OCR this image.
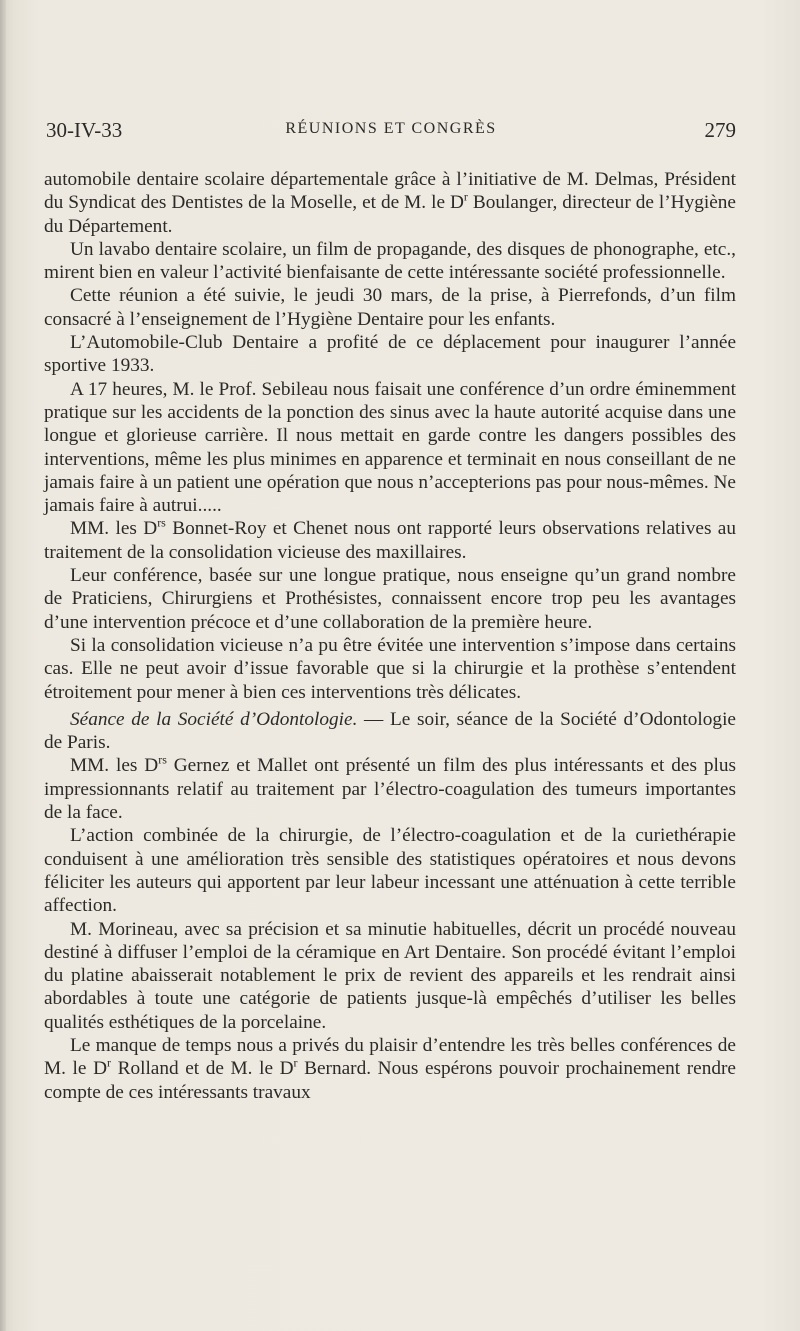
30-IV-33	RÉUNIONS ET CONGRÈS	279

automobile dentaire scolaire départementale grâce à l’initiative de M. Delmas, Président du Syndicat des Dentistes de la Moselle, et de M. le $D^r$ Boulanger, directeur de l’Hygiène du Département.

Un lavabo dentaire scolaire, un film de propagande, des disques de phonographe, etc., mirent bien en valeur l’activité bienfaisante de cette intéressante société professionnelle.

Cette réunion a été suivie, le jeudi 30 mars, de la prise, à Pierrefonds, d’un film consacré à l’enseignement de l’Hygiène Dentaire pour les enfants.

L’Automobile-Club Dentaire a profité de ce déplacement pour inaugurer l’année sportive 1933.

A 17 heures, M. le Prof. Sebileau nous faisait une conférence d’un ordre éminemment pratique sur les accidents de la ponction des sinus avec la haute autorité acquise dans une longue et glorieuse carrière. Il nous mettait en garde contre les dangers possibles des interventions, même les plus minimes en apparence et terminait en nous conseillant de ne jamais faire à un patient une opération que nous n’accepterions pas pour nous-mêmes. Ne jamais faire à autrui.....

MM. les $D^{rs}$ Bonnet-Roy et Chenet nous ont rapporté leurs observations relatives au traitement de la consolidation vicieuse des maxillaires.

Leur conférence, basée sur une longue pratique, nous enseigne qu’un grand nombre de Praticiens, Chirurgiens et Prothésistes, connaissent encore trop peu les avantages d’une intervention précoce et d’une collaboration de la première heure.

Si la consolidation vicieuse n’a pu être évitée une intervention s’impose dans certains cas. Elle ne peut avoir d’issue favorable que si la chirurgie et la prothèse s’entendent étroitement pour mener à bien ces interventions très délicates.

Séance de la Société d’Odontologie. — Le soir, séance de la Société d’Odontologie de Paris.

MM. les $D^{rs}$ Gernez et Mallet ont présenté un film des plus intéressants et des plus impressionnants relatif au traitement par l’électro-coagulation des tumeurs importantes de la face.

L’action combinée de la chirurgie, de l’électro-coagulation et de la curiethérapie conduisent à une amélioration très sensible des statistiques opératoires et nous devons féliciter les auteurs qui apportent par leur labeur incessant une atténuation à cette terrible affection.

M. Morineau, avec sa précision et sa minutie habituelles, décrit un procédé nouveau destiné à diffuser l’emploi de la céramique en Art Dentaire. Son procédé évitant l’emploi du platine abaisserait notablement le prix de revient des appareils et les rendrait ainsi abordables à toute une catégorie de patients jusque-là empêchés d’utiliser les belles qualités esthétiques de la porcelaine.

Le manque de temps nous a privés du plaisir d’entendre les très belles conférences de M. le $D^r$ Rolland et de M. le $D^r$ Bernard. Nous espérons pouvoir prochainement rendre compte de ces intéressants travaux
